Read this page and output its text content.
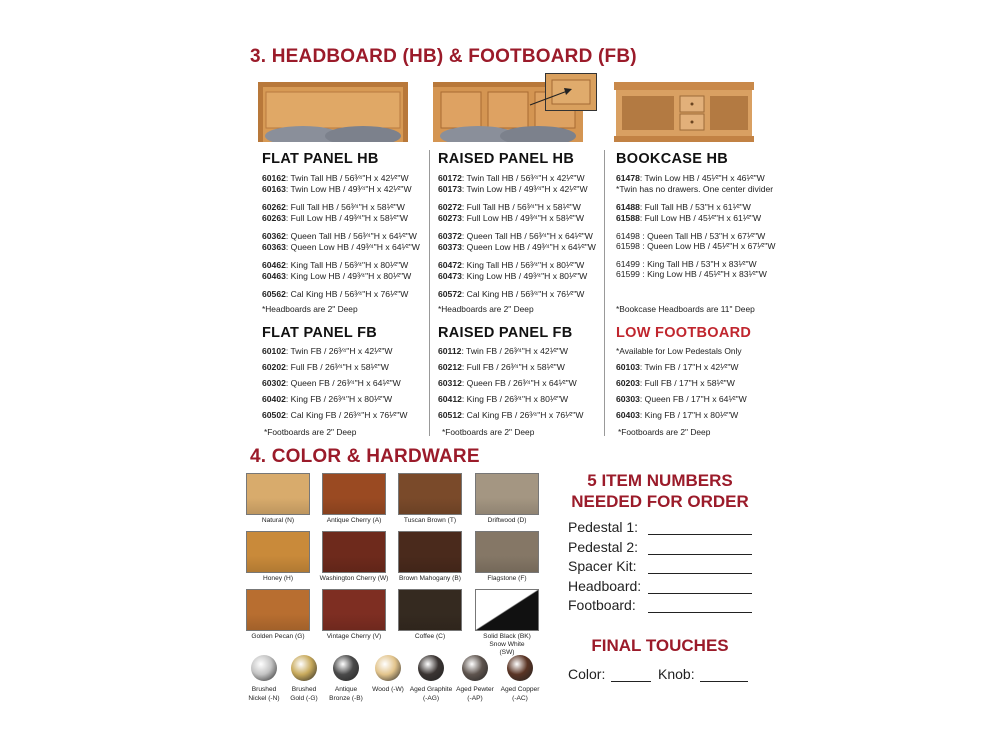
3. HEADBOARD (HB) & FOOTBOARD (FB)
FLAT PANEL HB
60162: Twin Tall HB / 56³⁄⁴"H x 42¹⁄²"W
60163: Twin Low HB / 49³⁄⁴"H x 42¹⁄²"W
60262: Full Tall HB / 56³⁄⁴"H x 58¹⁄²"W
60263: Full Low HB / 49³⁄⁴"H x 58¹⁄²"W
60362: Queen Tall HB / 56³⁄⁴"H x 64¹⁄²"W
60363: Queen Low HB / 49³⁄⁴"H x 64¹⁄²"W
60462: King Tall HB / 56³⁄⁴"H x 80¹⁄²"W
60463: King Low HB / 49³⁄⁴"H x 80¹⁄²"W
60562: Cal King HB / 56³⁄⁴"H x 76¹⁄²"W
*Headboards are 2" Deep
RAISED PANEL HB
60172: Twin Tall HB / 56³⁄⁴"H x 42¹⁄²"W
60173: Twin Low HB / 49³⁄⁴"H x 42¹⁄²"W
60272: Full Tall HB / 56³⁄⁴"H x 58¹⁄²"W
60273: Full Low HB / 49³⁄⁴"H x 58¹⁄²"W
60372: Queen Tall HB / 56³⁄⁴"H x 64¹⁄²"W
60373: Queen Low HB / 49³⁄⁴"H x 64¹⁄²"W
60472: King Tall HB / 56³⁄⁴"H x 80¹⁄²"W
60473: King Low HB / 49³⁄⁴"H x 80¹⁄²"W
60572: Cal King HB / 56³⁄⁴"H x 76¹⁄²"W
*Headboards are 2" Deep
BOOKCASE HB
61478: Twin Low HB / 45¹⁄²"H x 46¹⁄²"W
*Twin has no drawers. One center divider
61488: Full Tall HB / 53"H x 61¹⁄²"W
61588: Full Low HB / 45¹⁄²"H x 61¹⁄²"W
61498 : Queen Tall HB / 53"H x 67¹⁄²"W
61598 : Queen Low HB / 45¹⁄²"H x 67¹⁄²"W
61499 : King Tall HB / 53"H x 83¹⁄²"W
61599 : King Low HB / 45¹⁄²"H x 83¹⁄²"W
*Bookcase Headboards are 11" Deep
FLAT PANEL FB
60102: Twin FB / 26³⁄⁴"H x 42¹⁄²"W
60202: Full FB / 26³⁄⁴"H x 58¹⁄²"W
60302: Queen FB / 26³⁄⁴"H x 64¹⁄²"W
60402: King FB / 26³⁄⁴"H x 80¹⁄²"W
60502: Cal King FB / 26³⁄⁴"H x 76¹⁄²"W
*Footboards are 2" Deep
RAISED PANEL FB
60112: Twin FB / 26³⁄⁴"H x 42¹⁄²"W
60212: Full FB / 26³⁄⁴"H x 58¹⁄²"W
60312: Queen FB / 26³⁄⁴"H x 64¹⁄²"W
60412: King FB / 26³⁄⁴"H x 80¹⁄²"W
60512: Cal King FB / 26³⁄⁴"H x 76¹⁄²"W
*Footboards are 2" Deep
LOW FOOTBOARD
*Available for Low Pedestals Only
60103: Twin FB / 17"H x 42¹⁄²"W
60203: Full FB / 17"H x 58¹⁄²"W
60303: Queen FB / 17"H x 64¹⁄²"W
60403: King FB / 17"H x 80¹⁄²"W
*Footboards are 2" Deep
4. COLOR & HARDWARE
Natural (N)	Antique Cherry (A)	Tuscan Brown (T)	Driftwood (D)
Honey (H)	Washington Cherry (W)	Brown Mahogany (B)	Flagstone (F)
Golden Pecan (G)	Vintage Cherry (V)	Coffee (C)	Solid Black (BK) Snow White (SW)
Brushed
Nickel (-N)
Brushed
Gold (-G)
Antique
Bronze (-B)
Wood (-W) Aged Graphite
(-AG)
Aged Pewter
(-AP)
Aged Copper
(-AC)
5 ITEM NUMBERS
NEEDED FOR ORDER
Pedestal 1:
Pedestal 2:
Spacer Kit:
Headboard:
Footboard:
FINAL TOUCHES
Color:	Knob:
